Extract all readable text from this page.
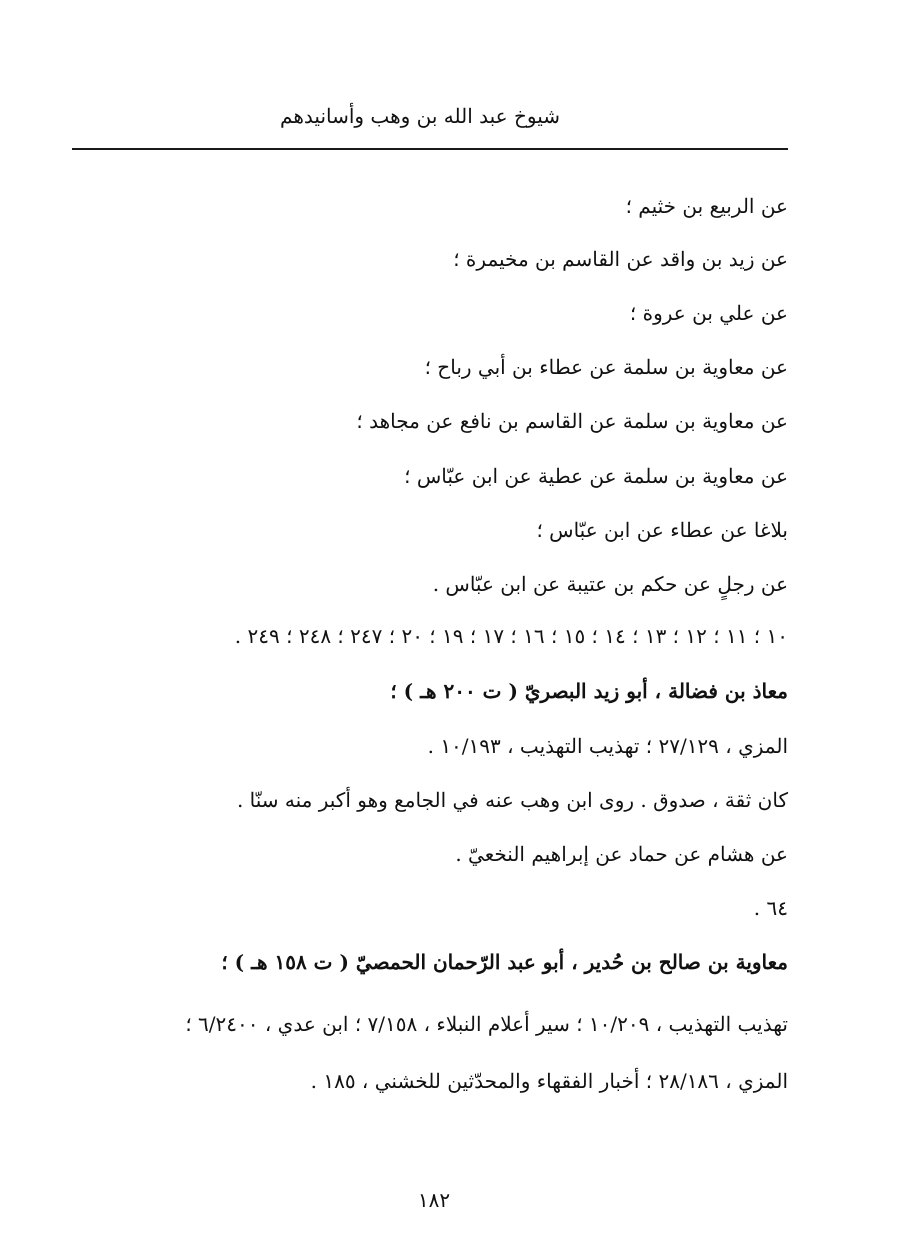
شيوخ عبد الله بن وهب وأسانيدهم
عن الربيع بن خثيم ؛
عن زيد بن واقد عن القاسم بن مخيمرة ؛
عن علي بن عروة ؛
عن معاوية بن سلمة عن عطاء بن أبي رباح ؛
عن معاوية بن سلمة عن القاسم بن نافع عن مجاهد ؛
عن معاوية بن سلمة عن عطية عن ابن عبّاس ؛
بلاغا عن عطاء عن ابن عبّاس ؛
عن رجلٍ عن حكم بن عتيبة عن ابن عبّاس .
١٠ ؛ ١١ ؛ ١٢ ؛ ١٣ ؛ ١٤ ؛ ١٥ ؛ ١٦ ؛ ١٧ ؛ ١٩ ؛ ٢٠ ؛ ٢٤٧ ؛ ٢٤٨ ؛ ٢٤٩ .
معاذ بن فضالة ، أبو زيد البصريّ ( ت ٢٠٠ هـ ) ؛
المزي ، ٢٧/١٢٩ ؛ تهذيب التهذيب ، ١٠/١٩٣ .
كان ثقة ، صدوق . روى ابن وهب عنه في الجامع وهو أكبر منه سنّا .
عن هشام عن حماد عن إبراهيم النخعيّ .
٦٤ .
معاوية بن صالح بن حُدير ، أبو عبد الرّحمان الحمصيّ ( ت ١٥٨ هـ ) ؛
تهذيب التهذيب ، ١٠/٢٠٩ ؛ سير أعلام النبلاء ، ٧/١٥٨ ؛ ابن عدي ، ٦/٢٤٠٠ ؛
المزي ، ٢٨/١٨٦ ؛ أخبار الفقهاء والمحدّثين للخشني ، ١٨٥ .
١٨٢
